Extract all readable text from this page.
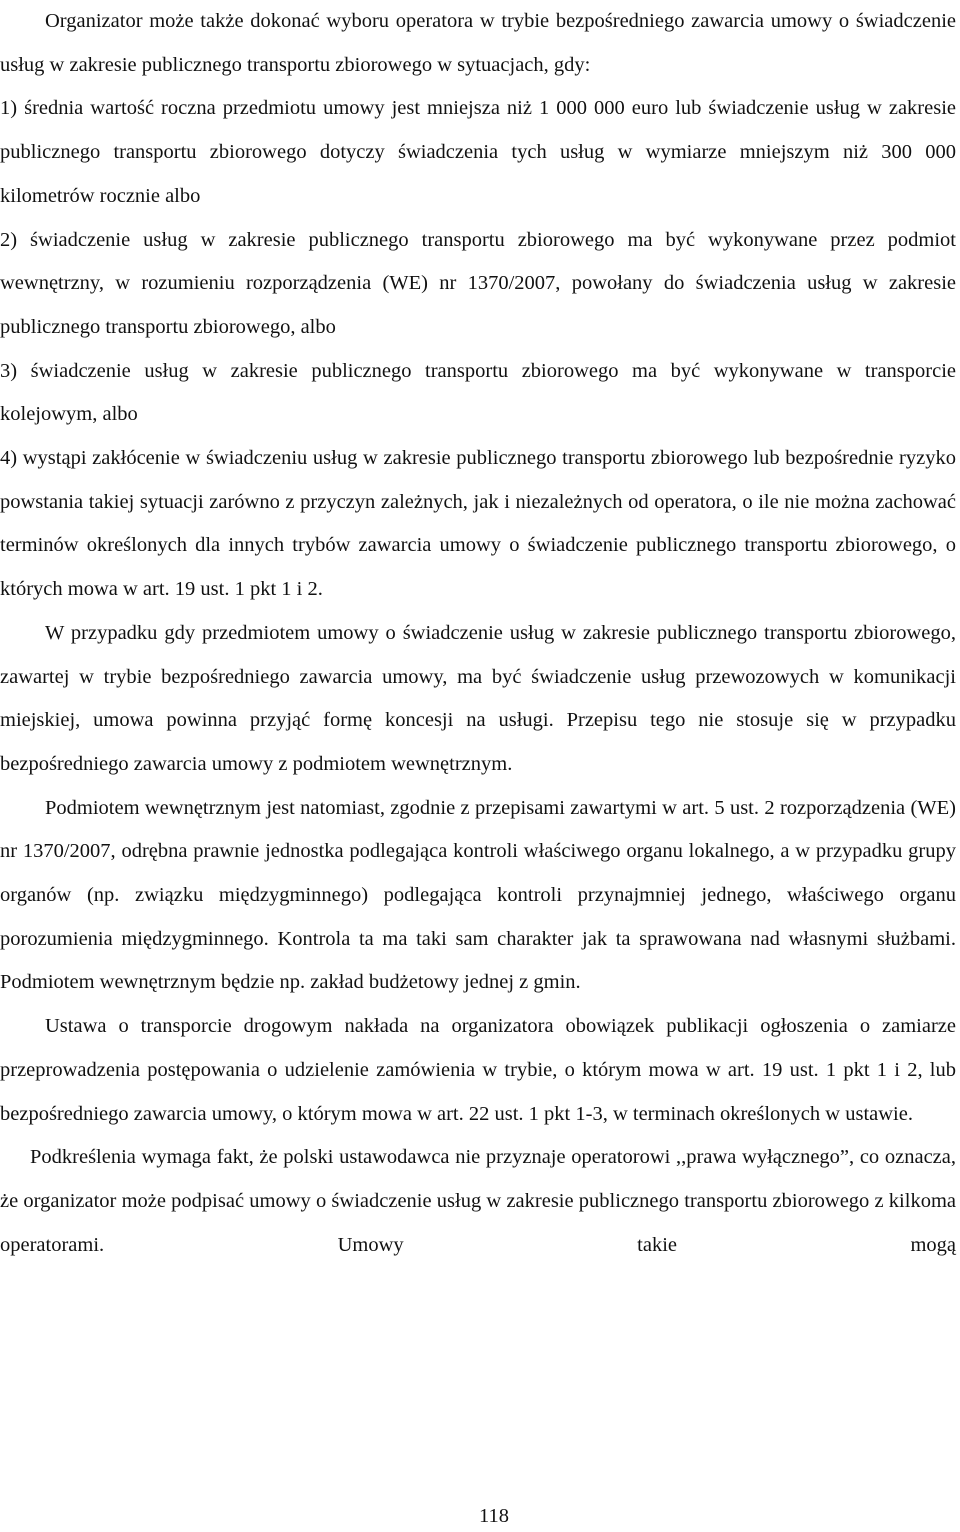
Organizator może także dokonać wyboru operatora w trybie bezpośredniego zawarcia umowy o świadczenie usług w zakresie publicznego transportu zbiorowego w sytuacjach, gdy:

1) średnia wartość roczna przedmiotu umowy jest mniejsza niż 1 000 000 euro lub świadczenie usług w zakresie publicznego transportu zbiorowego dotyczy świadczenia tych usług w wymiarze mniejszym niż 300 000 kilometrów rocznie albo

2) świadczenie usług w zakresie publicznego transportu zbiorowego ma być wykonywane przez podmiot wewnętrzny, w rozumieniu rozporządzenia (WE) nr 1370/2007, powołany do świadczenia usług w zakresie publicznego transportu zbiorowego, albo

3) świadczenie usług w zakresie publicznego transportu zbiorowego ma być wykonywane w transporcie kolejowym, albo

4) wystąpi zakłócenie w świadczeniu usług w zakresie publicznego transportu zbiorowego lub bezpośrednie ryzyko powstania takiej sytuacji zarówno z przyczyn zależnych, jak i niezależnych od operatora, o ile nie można zachować terminów określonych dla innych trybów zawarcia umowy o świadczenie publicznego transportu zbiorowego, o których mowa w art. 19 ust. 1 pkt 1 i 2.

W przypadku gdy przedmiotem umowy o świadczenie usług w zakresie publicznego transportu zbiorowego, zawartej w trybie bezpośredniego zawarcia umowy, ma być świadczenie usług przewozowych w komunikacji miejskiej, umowa powinna przyjąć formę koncesji na usługi. Przepisu tego nie stosuje się w przypadku bezpośredniego zawarcia umowy z podmiotem wewnętrznym.

Podmiotem wewnętrznym jest natomiast, zgodnie z przepisami zawartymi w art. 5 ust. 2 rozporządzenia (WE) nr 1370/2007, odrębna prawnie jednostka podlegająca kontroli właściwego organu lokalnego, a w przypadku grupy organów (np. związku międzygminnego) podlegająca kontroli przynajmniej jednego, właściwego organu porozumienia międzygminnego. Kontrola ta ma taki sam charakter jak ta sprawowana nad własnymi służbami. Podmiotem wewnętrznym będzie np. zakład budżetowy jednej z gmin.

Ustawa o transporcie drogowym nakłada na organizatora obowiązek publikacji ogłoszenia o zamiarze przeprowadzenia postępowania o udzielenie zamówienia w trybie, o którym mowa w art. 19 ust. 1 pkt 1 i 2, lub bezpośredniego zawarcia umowy, o którym mowa w art. 22 ust. 1 pkt 1-3, w terminach określonych w ustawie.

Podkreślenia wymaga fakt, że polski ustawodawca nie przyznaje operatorowi ,,prawa wyłącznego”, co oznacza, że organizator może podpisać umowy o świadczenie usług w zakresie publicznego transportu zbiorowego z kilkoma operatorami. Umowy takie mogą

118
